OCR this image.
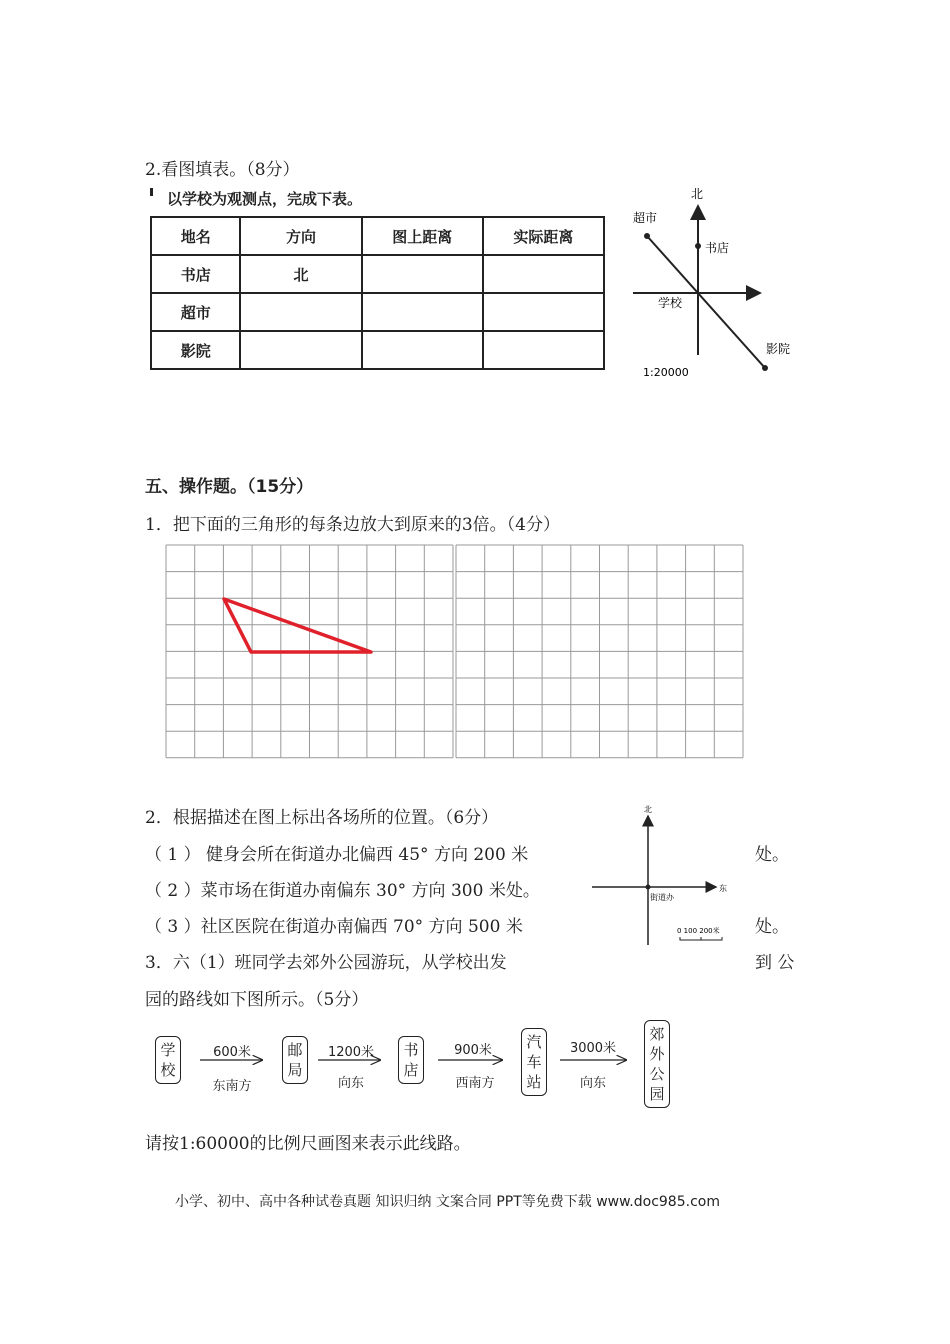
2.看图填表。（8分）
以学校为观测点，完成下表。
地名	方向	图上距离	实际距离
书店	北		
超市			
影院			
北
超市
书店
学校
影院
1:20000
五、操作题。（15分）
1．把下面的三角形的每条边放大到原来的3倍。（4分）
2．根据描述在图上标出各场所的位置。（6分）
（ 1 ） 健身会所在街道办北偏西 45° 方向 200 米	处。
（ 2 ）菜市场在街道办南偏东 30° 方向 300 米处。
（ 3 ）社区医院在街道办南偏西 70° 方向 500 米	处。
北
东
街道办
0 100 200米
3．六（1）班同学去郊外公园游玩，从学校出发	到 公
园的路线如下图所示。（5分）
学校
邮局
书店
汽车站
郊外公园
600米	1200米	900米	3000米
东南方	向东	西南方	向东
请按1:60000的比例尺画图来表示此线路。
小学、初中、高中各种试卷真题 知识归纳 文案合同 PPT等免费下载 www.doc985.com
